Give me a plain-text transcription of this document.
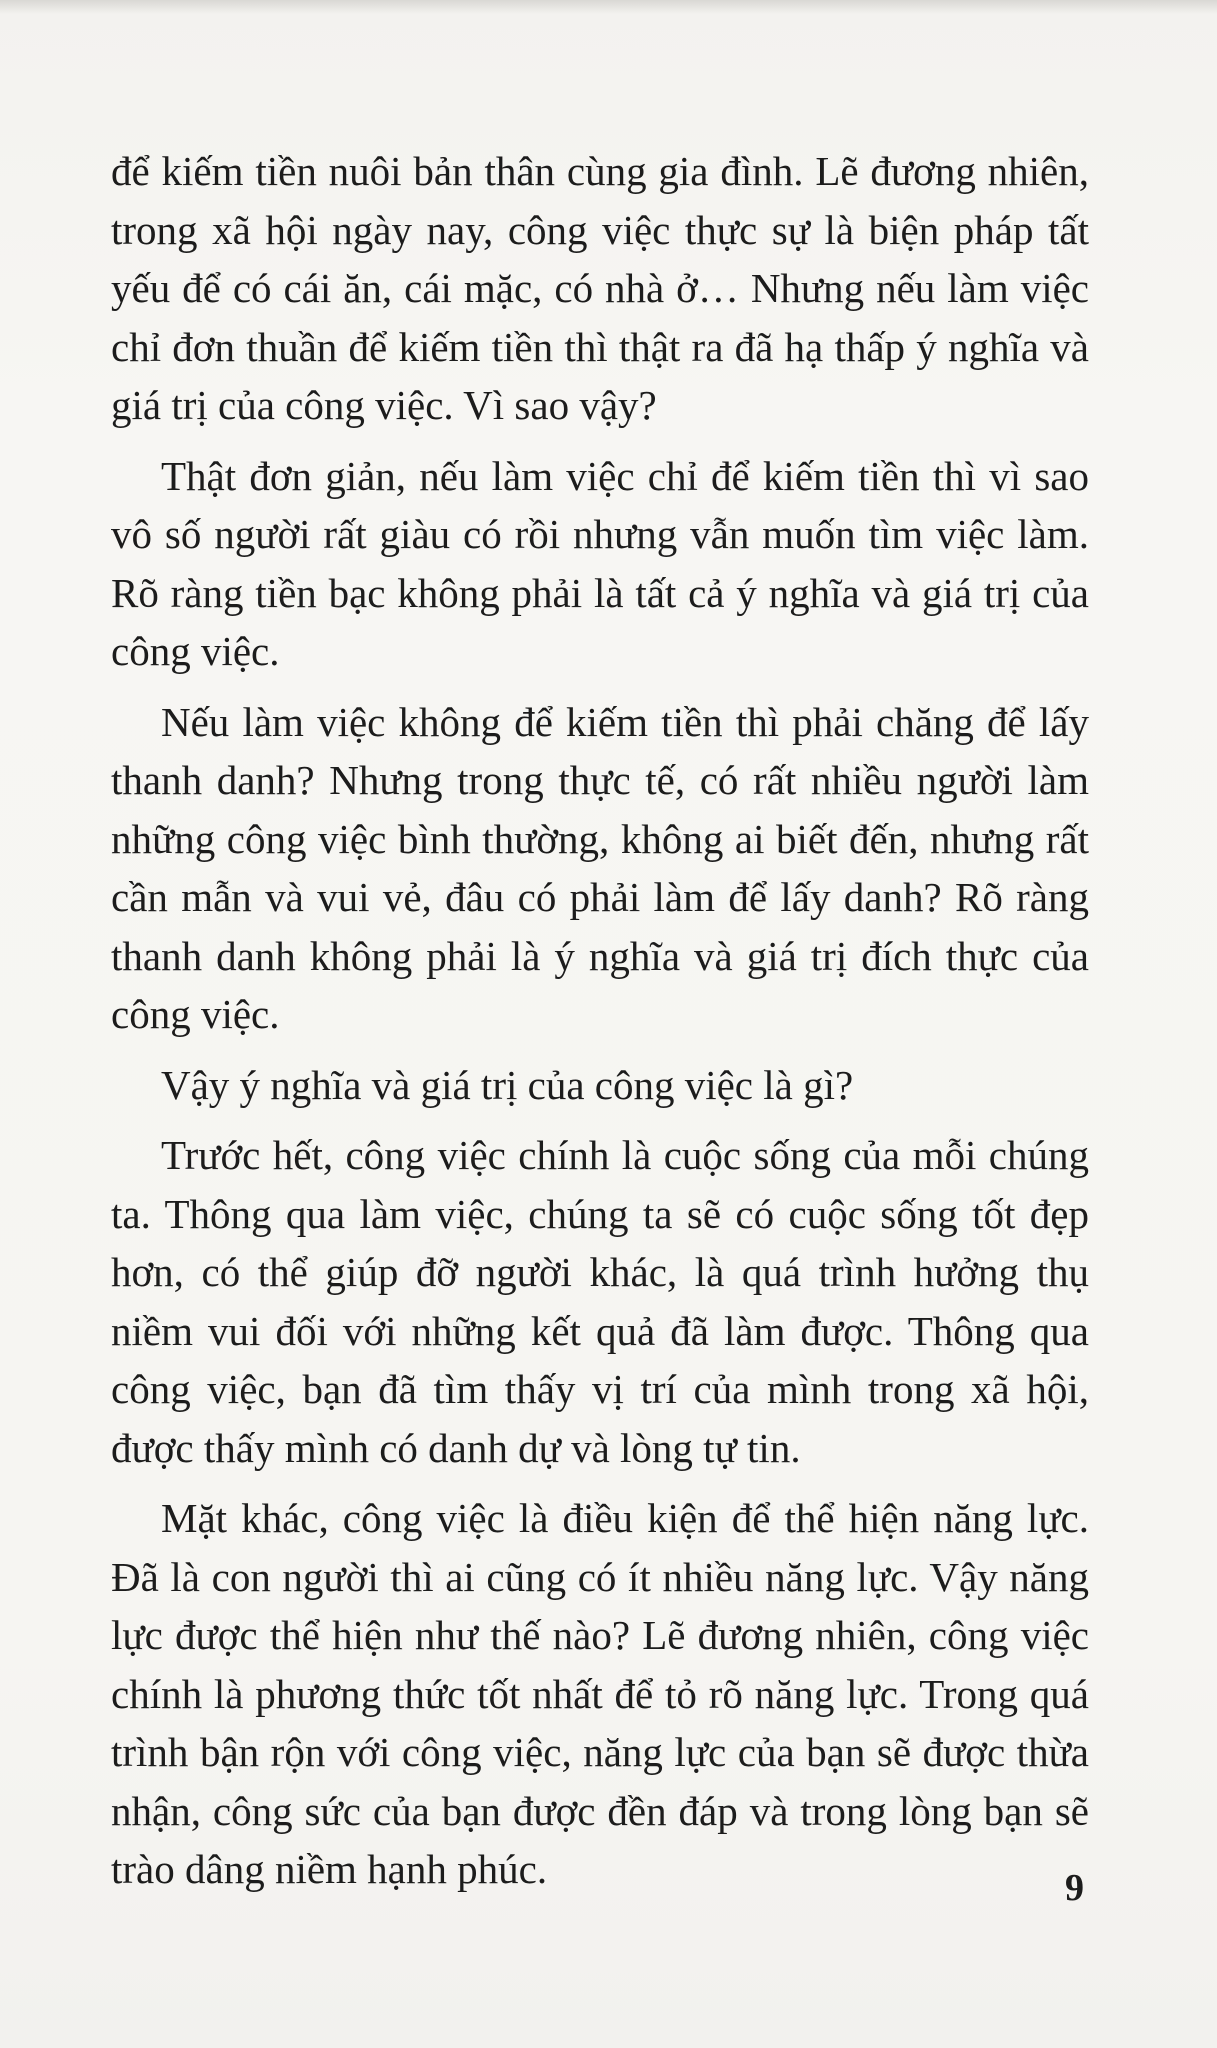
để kiếm tiền nuôi bản thân cùng gia đình. Lẽ đương nhiên, trong xã hội ngày nay, công việc thực sự là biện pháp tất yếu để có cái ăn, cái mặc, có nhà ở… Nhưng nếu làm việc chỉ đơn thuần để kiếm tiền thì thật ra đã hạ thấp ý nghĩa và giá trị của công việc. Vì sao vậy?

Thật đơn giản, nếu làm việc chỉ để kiếm tiền thì vì sao vô số người rất giàu có rồi nhưng vẫn muốn tìm việc làm. Rõ ràng tiền bạc không phải là tất cả ý nghĩa và giá trị của công việc.

Nếu làm việc không để kiếm tiền thì phải chăng để lấy thanh danh? Nhưng trong thực tế, có rất nhiều người làm những công việc bình thường, không ai biết đến, nhưng rất cần mẫn và vui vẻ, đâu có phải làm để lấy danh? Rõ ràng thanh danh không phải là ý nghĩa và giá trị đích thực của công việc.

Vậy ý nghĩa và giá trị của công việc là gì?

Trước hết, công việc chính là cuộc sống của mỗi chúng ta. Thông qua làm việc, chúng ta sẽ có cuộc sống tốt đẹp hơn, có thể giúp đỡ người khác, là quá trình hưởng thụ niềm vui đối với những kết quả đã làm được. Thông qua công việc, bạn đã tìm thấy vị trí của mình trong xã hội, được thấy mình có danh dự và lòng tự tin.

Mặt khác, công việc là điều kiện để thể hiện năng lực. Đã là con người thì ai cũng có ít nhiều năng lực. Vậy năng lực được thể hiện như thế nào? Lẽ đương nhiên, công việc chính là phương thức tốt nhất để tỏ rõ năng lực. Trong quá trình bận rộn với công việc, năng lực của bạn sẽ được thừa nhận, công sức của bạn được đền đáp và trong lòng bạn sẽ trào dâng niềm hạnh phúc.	9
